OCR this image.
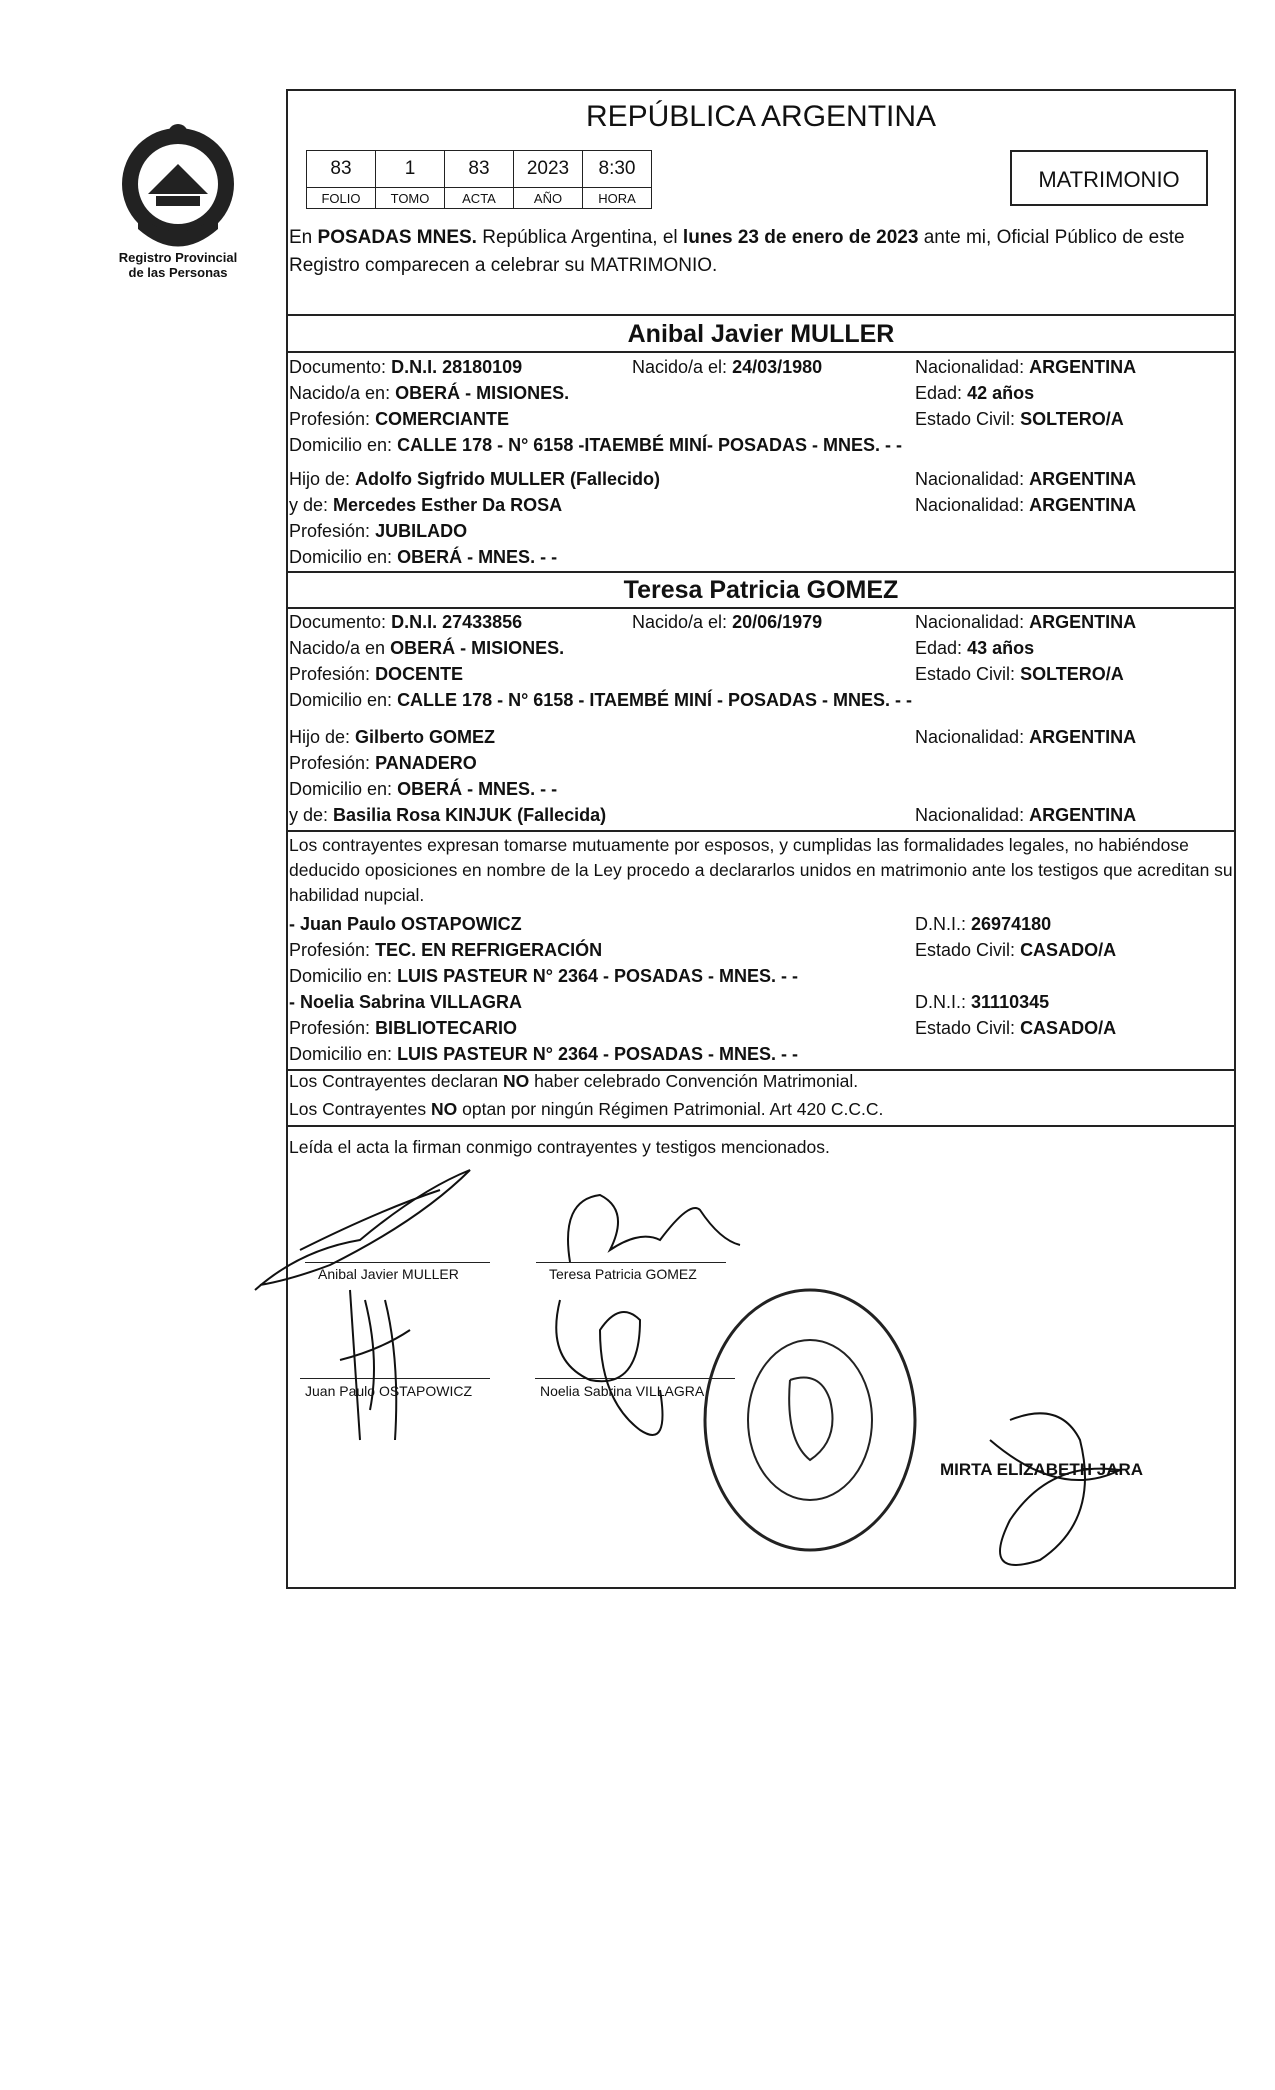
Registro Provincial
de las Personas
REPÚBLICA ARGENTINA
83	1	83	2023	8:30
FOLIO	TOMO	ACTA	AÑO	HORA
MATRIMONIO
En POSADAS MNES. República Argentina, el lunes 23 de enero de 2023 ante mi, Oficial Público de este Registro comparecen a celebrar su MATRIMONIO.
Anibal Javier MULLER
Documento: D.N.I. 28180109	Nacido/a el: 24/03/1980	Nacionalidad: ARGENTINA
Nacido/a en: OBERÁ - MISIONES.	Edad: 42 años
Profesión: COMERCIANTE	Estado Civil: SOLTERO/A
Domicilio en: CALLE 178 - N° 6158 -ITAEMBÉ MINÍ- POSADAS - MNES. - -
Hijo de: Adolfo Sigfrido MULLER (Fallecido)	Nacionalidad: ARGENTINA
y de: Mercedes Esther Da ROSA	Nacionalidad: ARGENTINA
Profesión: JUBILADO
Domicilio en: OBERÁ - MNES. - -
Teresa Patricia GOMEZ
Documento: D.N.I. 27433856	Nacido/a el: 20/06/1979	Nacionalidad: ARGENTINA
Nacido/a en OBERÁ - MISIONES.	Edad: 43 años
Profesión: DOCENTE	Estado Civil: SOLTERO/A
Domicilio en: CALLE 178 - N° 6158 - ITAEMBÉ MINÍ - POSADAS - MNES. - -
Hijo de: Gilberto GOMEZ	Nacionalidad: ARGENTINA
Profesión: PANADERO
Domicilio en: OBERÁ - MNES. - -
y de: Basilia Rosa KINJUK (Fallecida)	Nacionalidad: ARGENTINA
Los contrayentes expresan tomarse mutuamente por esposos, y cumplidas las formalidades legales, no habiéndose deducido oposiciones en nombre de la Ley procedo a declararlos unidos en matrimonio ante los testigos que acreditan su habilidad nupcial.
- Juan Paulo OSTAPOWICZ	D.N.I.: 26974180
Profesión: TEC. EN REFRIGERACIÓN	Estado Civil: CASADO/A
Domicilio en: LUIS PASTEUR N° 2364 - POSADAS - MNES. - -
- Noelia Sabrina VILLAGRA	D.N.I.: 31110345
Profesión: BIBLIOTECARIO	Estado Civil: CASADO/A
Domicilio en: LUIS PASTEUR N° 2364 - POSADAS - MNES. - -
Los Contrayentes declaran NO haber celebrado Convención Matrimonial.
Los Contrayentes NO optan por ningún Régimen Patrimonial. Art 420 C.C.C.
Leída el acta la firman conmigo contrayentes y testigos mencionados.
Anibal Javier MULLER	Teresa Patricia GOMEZ
Juan Paulo OSTAPOWICZ	Noelia Sabrina VILLAGRA
MIRTA ELIZABETH JARA
